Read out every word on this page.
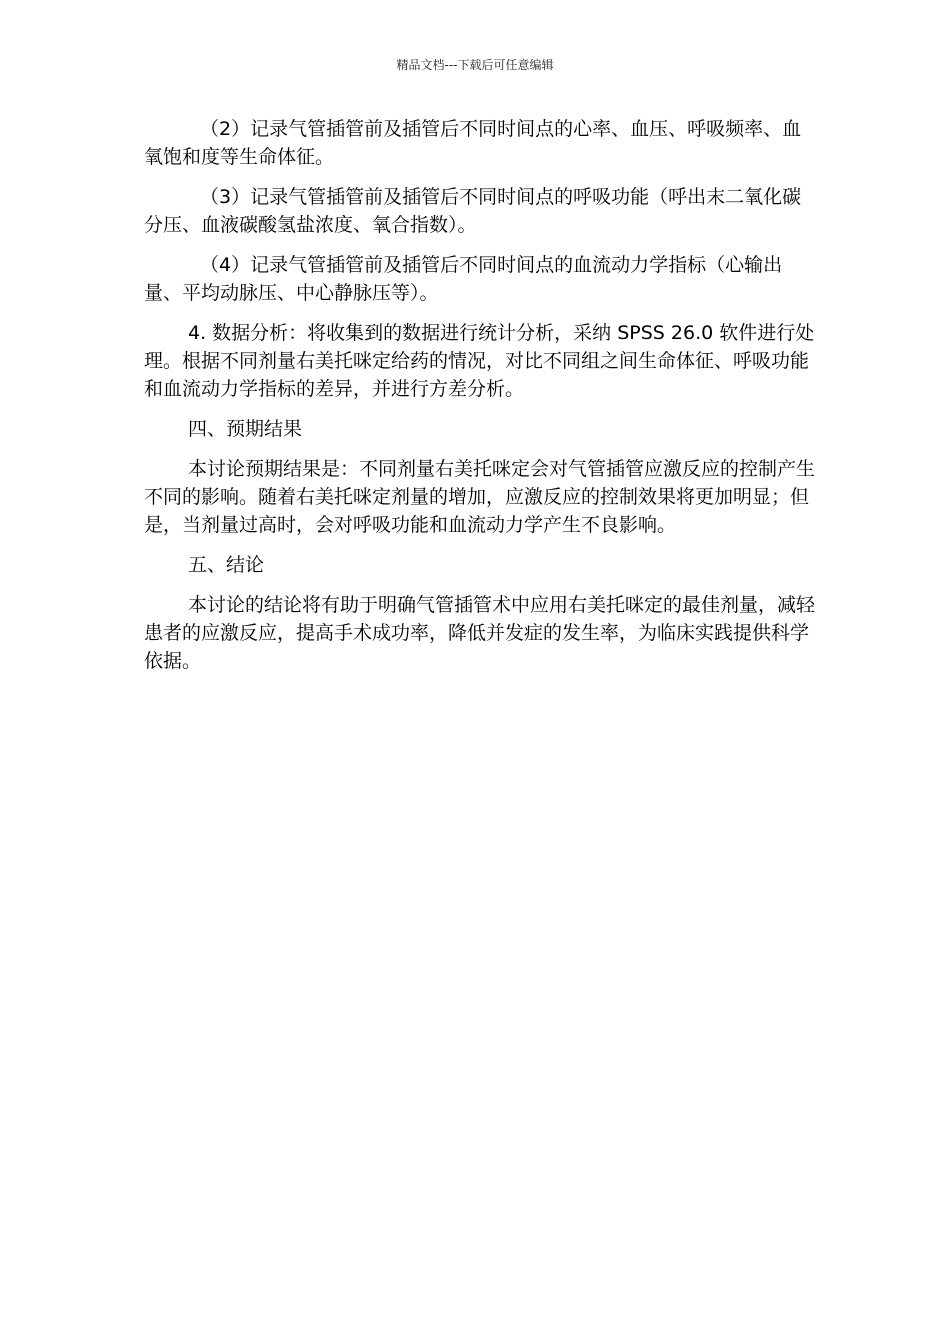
精品文档---下载后可任意编辑

（2）记录气管插管前及插管后不同时间点的心率、血压、呼吸频率、血氧饱和度等生命体征。

（3）记录气管插管前及插管后不同时间点的呼吸功能（呼出末二氧化碳分压、血液碳酸氢盐浓度、氧合指数）。

（4）记录气管插管前及插管后不同时间点的血流动力学指标（心输出量、平均动脉压、中心静脉压等）。

4. 数据分析：将收集到的数据进行统计分析，采纳 SPSS 26.0 软件进行处理。根据不同剂量右美托咪定给药的情况，对比不同组之间生命体征、呼吸功能和血流动力学指标的差异，并进行方差分析。

四、预期结果

本讨论预期结果是：不同剂量右美托咪定会对气管插管应激反应的控制产生不同的影响。随着右美托咪定剂量的增加，应激反应的控制效果将更加明显；但是，当剂量过高时，会对呼吸功能和血流动力学产生不良影响。

五、结论

本讨论的结论将有助于明确气管插管术中应用右美托咪定的最佳剂量，减轻患者的应激反应，提高手术成功率，降低并发症的发生率，为临床实践提供科学依据。
